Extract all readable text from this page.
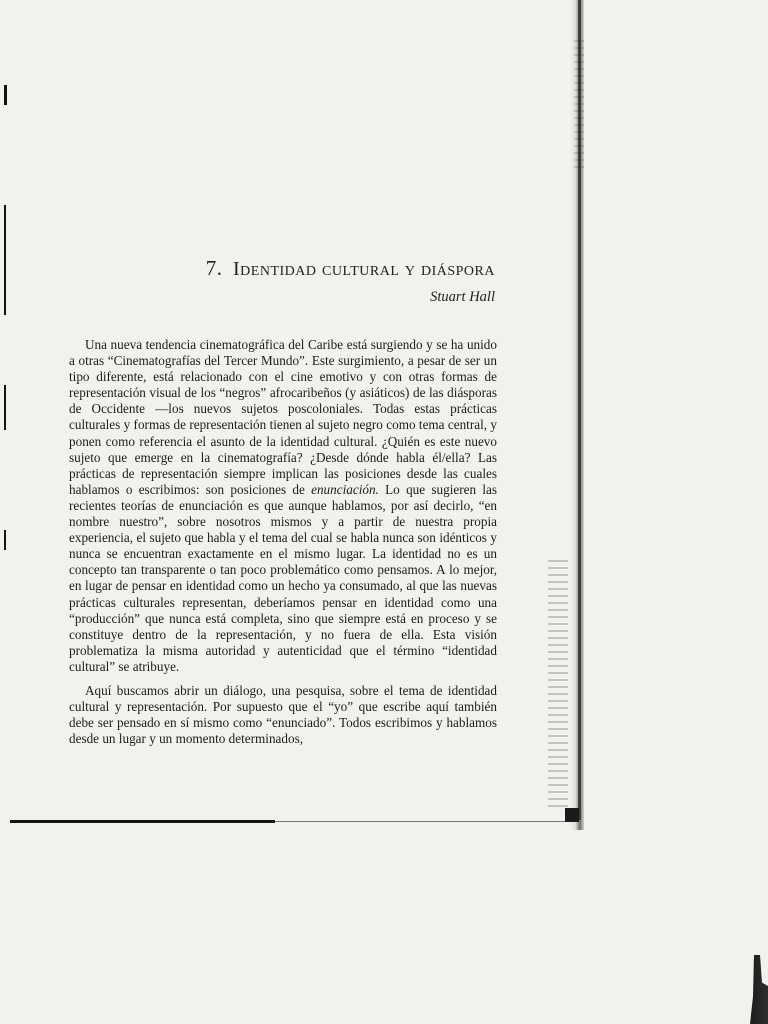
7. Identidad cultural y diáspora
Stuart Hall

Una nueva tendencia cinematográfica del Caribe está surgiendo y se ha unido a otras “Cinematografías del Tercer Mundo”. Este surgimiento, a pesar de ser un tipo diferente, está relacionado con el cine emotivo y con otras formas de representación visual de los “negros” afrocaribeños (y asiáticos) de las diásporas de Occidente —los nuevos sujetos poscoloniales. Todas estas prácticas culturales y formas de representación tienen al sujeto negro como tema central, y ponen como referencia el asunto de la identidad cultural. ¿Quién es este nuevo sujeto que emerge en la cinematografía? ¿Desde dónde habla él/ella? Las prácticas de representación siempre implican las posiciones desde las cuales hablamos o escribimos: son posiciones de enunciación. Lo que sugieren las recientes teorías de enunciación es que aunque hablamos, por así decirlo, “en nombre nuestro”, sobre nosotros mismos y a partir de nuestra propia experiencia, el sujeto que habla y el tema del cual se habla nunca son idénticos y nunca se encuentran exactamente en el mismo lugar. La identidad no es un concepto tan transparente o tan poco problemático como pensamos. A lo mejor, en lugar de pensar en identidad como un hecho ya consumado, al que las nuevas prácticas culturales representan, deberíamos pensar en identidad como una “producción” que nunca está completa, sino que siempre está en proceso y se constituye dentro de la representación, y no fuera de ella. Esta visión problematiza la misma autoridad y autenticidad que el término “identidad cultural” se atribuye.

Aquí buscamos abrir un diálogo, una pesquisa, sobre el tema de identidad cultural y representación. Por supuesto que el “yo” que escribe aquí también debe ser pensado en sí mismo como “enunciado”. Todos escribimos y hablamos desde un lugar y un momento determinados,
